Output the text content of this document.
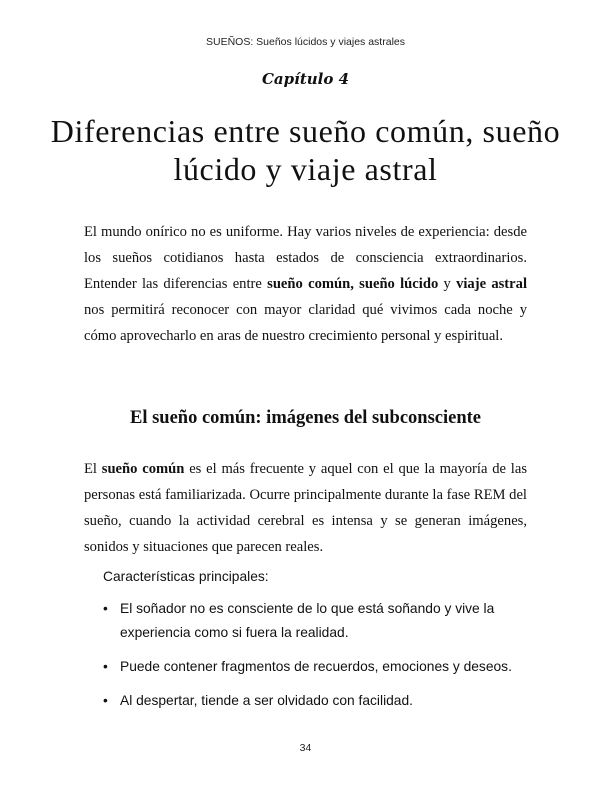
SUEÑOS: Sueños lúcidos y viajes astrales
Capítulo 4
Diferencias entre sueño común, sueño lúcido y viaje astral

El mundo onírico no es uniforme. Hay varios niveles de experiencia: desde los sueños cotidianos hasta estados de consciencia extraordinarios. Entender las diferencias entre sueño común, sueño lúcido y viaje astral nos permitirá reconocer con mayor claridad qué vivimos cada noche y cómo aprovecharlo en aras de nuestro crecimiento personal y espiritual.

El sueño común: imágenes del subconsciente

El sueño común es el más frecuente y aquel con el que la mayoría de las personas está familiarizada. Ocurre principalmente durante la fase REM del sueño, cuando la actividad cerebral es intensa y se generan imágenes, sonidos y situaciones que parecen reales.

Características principales:
• El soñador no es consciente de lo que está soñando y vive la experiencia como si fuera la realidad.
• Puede contener fragmentos de recuerdos, emociones y deseos.
• Al despertar, tiende a ser olvidado con facilidad.
34
